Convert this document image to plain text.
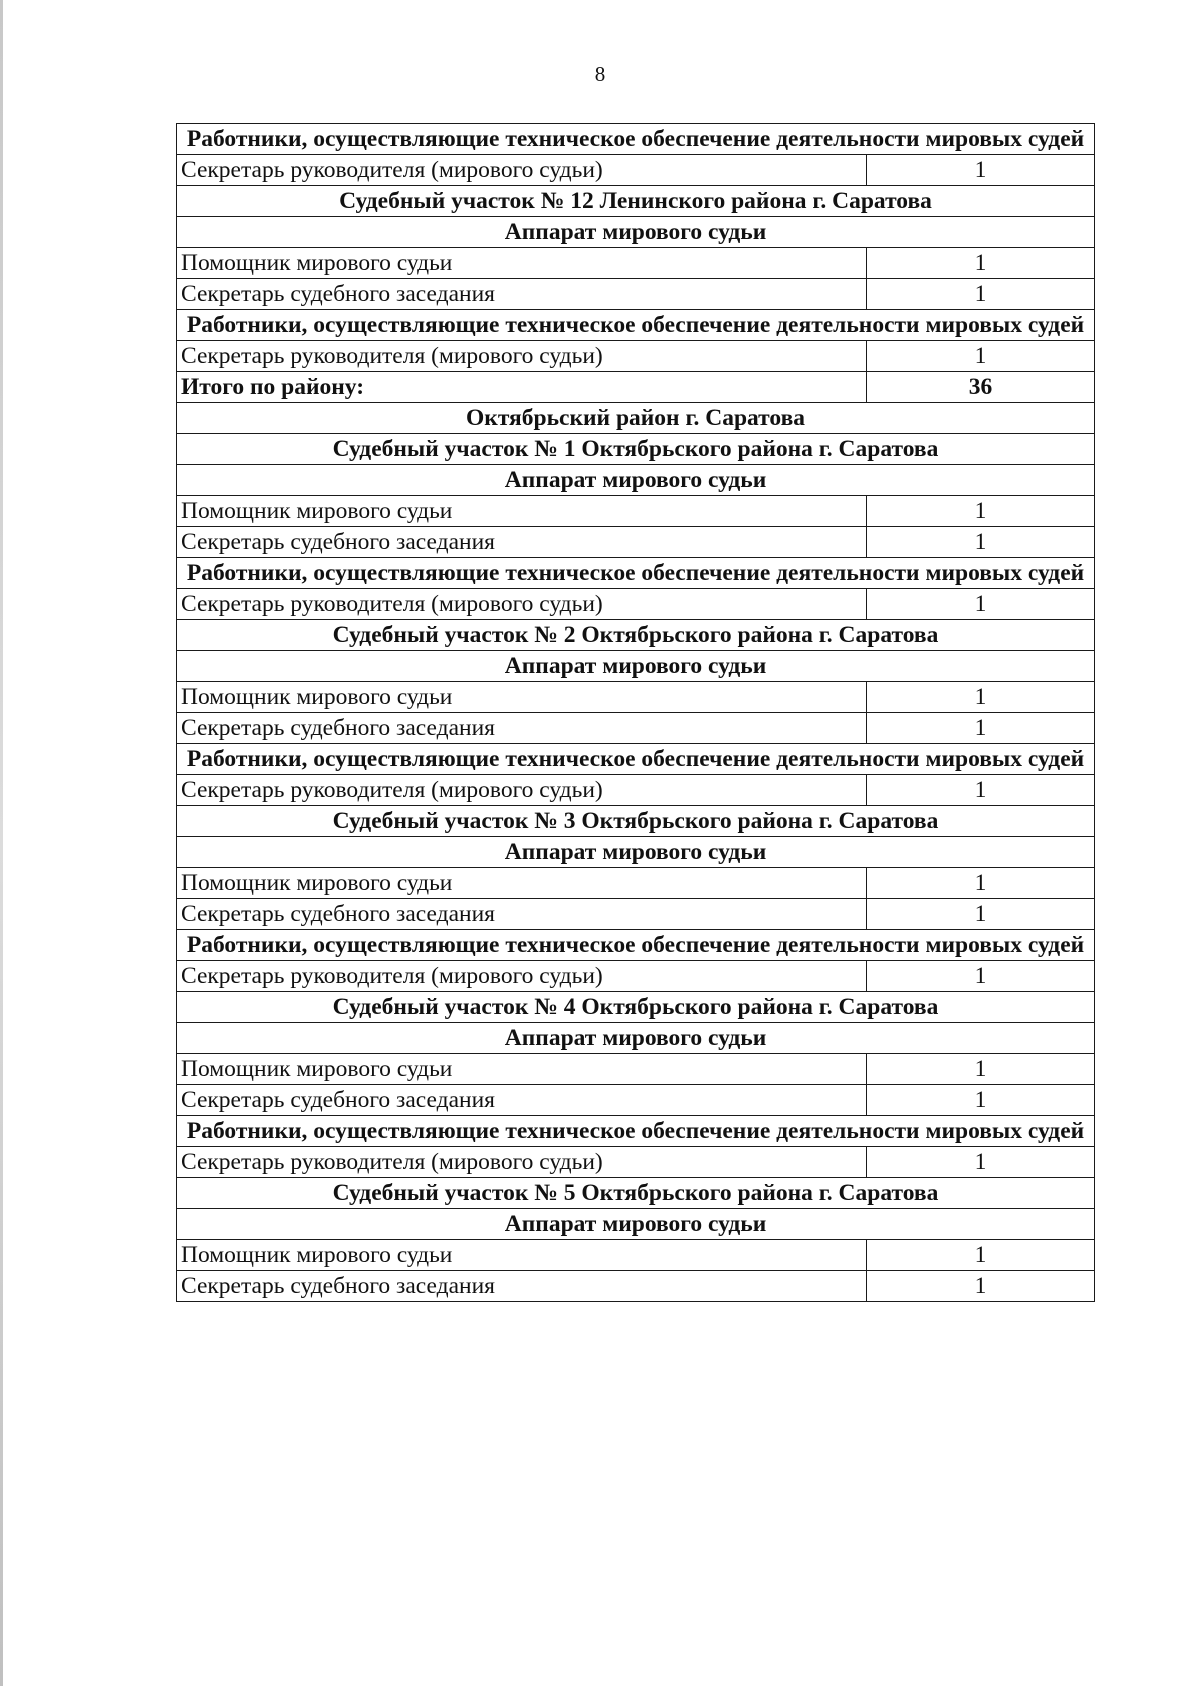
8
Работники, осуществляющие техническое обеспечение деятельности мировых судей	
Секретарь руководителя (мирового судьи)	1
Судебный участок № 12 Ленинского района г. Саратова	
Аппарат мирового судьи	
Помощник мирового судьи	1
Секретарь судебного заседания	1
Работники, осуществляющие техническое обеспечение деятельности мировых судей	
Секретарь руководителя (мирового судьи)	1
Итого по району:	36
Октябрьский район г. Саратова	
Судебный участок № 1 Октябрьского района г. Саратова	
Аппарат мирового судьи	
Помощник мирового судьи	1
Секретарь судебного заседания	1
Работники, осуществляющие техническое обеспечение деятельности мировых судей	
Секретарь руководителя (мирового судьи)	1
Судебный участок № 2 Октябрьского района г. Саратова	
Аппарат мирового судьи	
Помощник мирового судьи	1
Секретарь судебного заседания	1
Работники, осуществляющие техническое обеспечение деятельности мировых судей	
Секретарь руководителя (мирового судьи)	1
Судебный участок № 3 Октябрьского района г. Саратова	
Аппарат мирового судьи	
Помощник мирового судьи	1
Секретарь судебного заседания	1
Работники, осуществляющие техническое обеспечение деятельности мировых судей	
Секретарь руководителя (мирового судьи)	1
Судебный участок № 4 Октябрьского района г. Саратова	
Аппарат мирового судьи	
Помощник мирового судьи	1
Секретарь судебного заседания	1
Работники, осуществляющие техническое обеспечение деятельности мировых судей	
Секретарь руководителя (мирового судьи)	1
Судебный участок № 5 Октябрьского района г. Саратова	
Аппарат мирового судьи	
Помощник мирового судьи	1
Секретарь судебного заседания	1
